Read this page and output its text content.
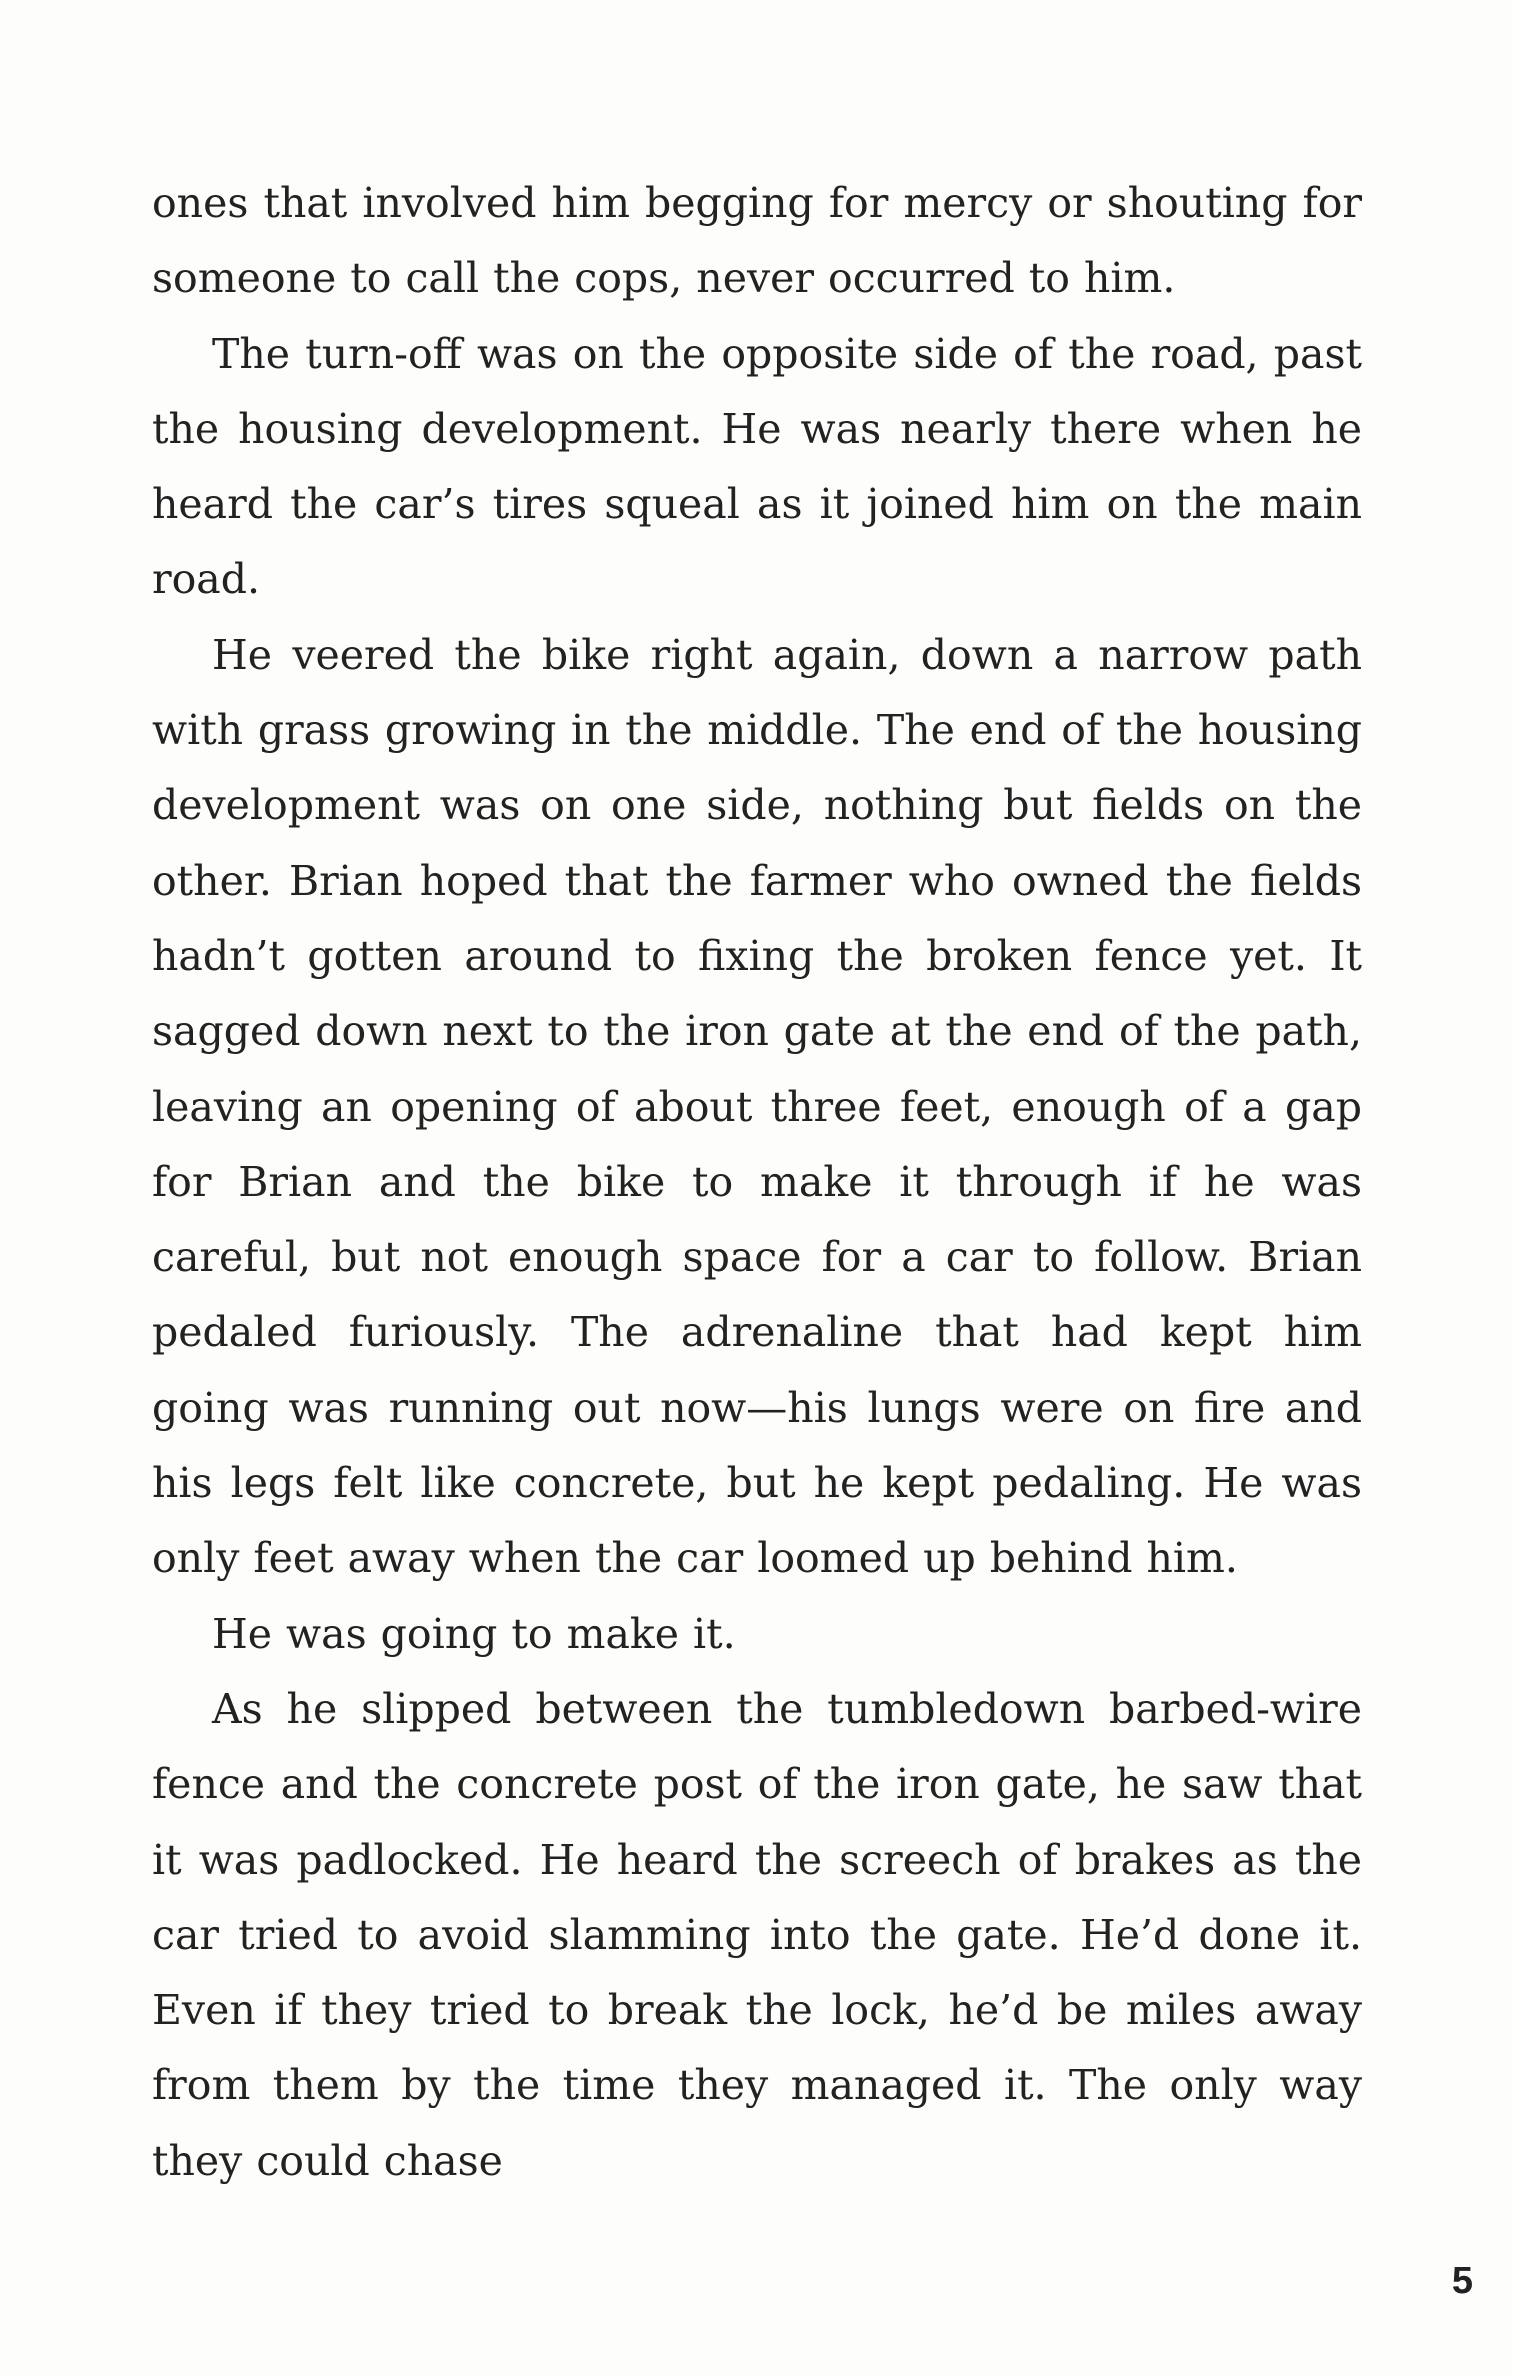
ones that involved him begging for mercy or shouting for someone to call the cops, never occurred to him.

The turn-off was on the opposite side of the road, past the housing development. He was nearly there when he heard the car’s tires squeal as it joined him on the main road.

He veered the bike right again, down a narrow path with grass growing in the middle. The end of the housing development was on one side, nothing but fields on the other. Brian hoped that the farmer who owned the fields hadn’t gotten around to fixing the broken fence yet. It sagged down next to the iron gate at the end of the path, leaving an opening of about three feet, enough of a gap for Brian and the bike to make it through if he was careful, but not enough space for a car to follow. Brian pedaled furiously. The adrenaline that had kept him going was running out now—his lungs were on fire and his legs felt like concrete, but he kept pedaling. He was only feet away when the car loomed up behind him.

He was going to make it.

As he slipped between the tumbledown barbed-wire fence and the concrete post of the iron gate, he saw that it was padlocked. He heard the screech of brakes as the car tried to avoid slamming into the gate. He’d done it. Even if they tried to break the lock, he’d be miles away from them by the time they managed it. The only way they could chase

5
